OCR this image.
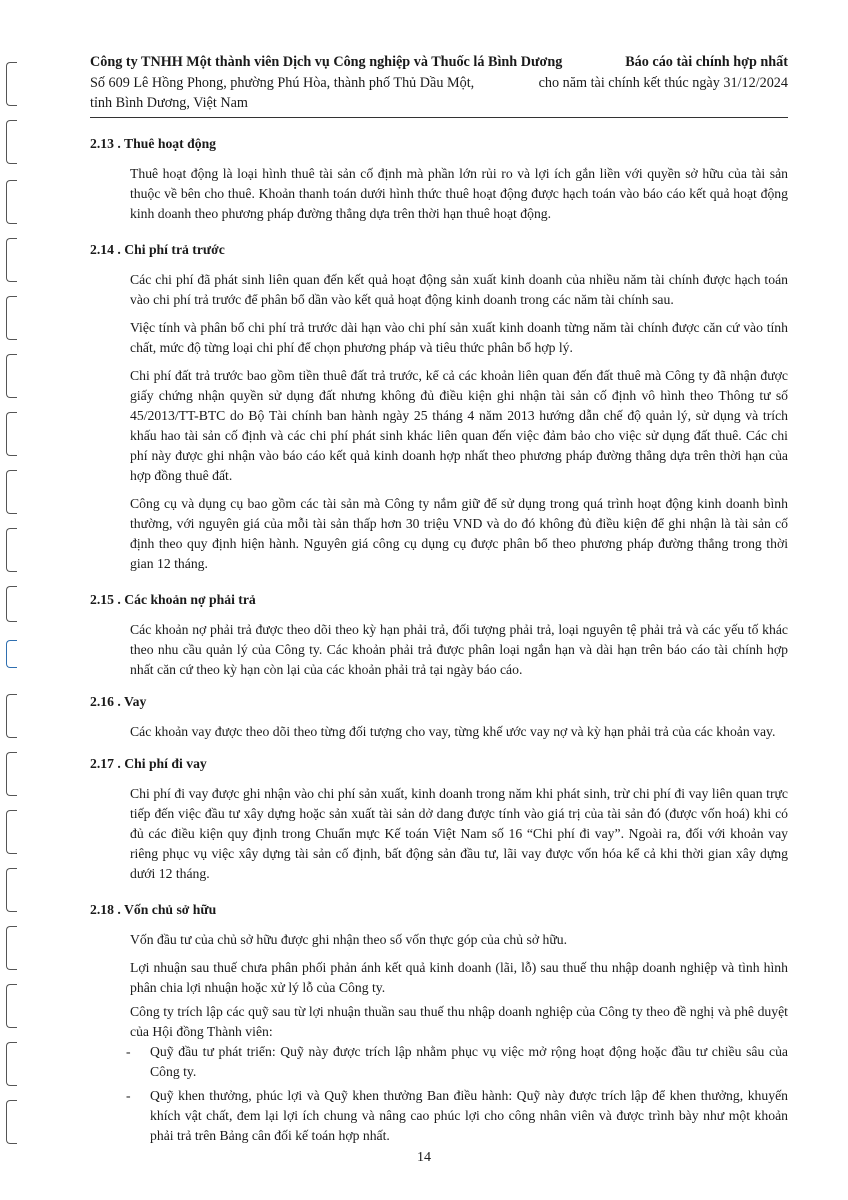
Công ty TNHH Một thành viên Dịch vụ Công nghiệp và Thuốc lá Bình Dương	Báo cáo tài chính hợp nhất
Số 609 Lê Hồng Phong, phường Phú Hòa, thành phố Thủ Dầu Một,	cho năm tài chính kết thúc ngày 31/12/2024
tỉnh Bình Dương, Việt Nam

2.13 . Thuê hoạt động

Thuê hoạt động là loại hình thuê tài sản cố định mà phần lớn rủi ro và lợi ích gắn liền với quyền sở hữu của tài sản thuộc về bên cho thuê. Khoản thanh toán dưới hình thức thuê hoạt động được hạch toán vào báo cáo kết quả hoạt động kinh doanh theo phương pháp đường thẳng dựa trên thời hạn thuê hoạt động.

2.14 . Chi phí trả trước

Các chi phí đã phát sinh liên quan đến kết quả hoạt động sản xuất kinh doanh của nhiều năm tài chính được hạch toán vào chi phí trả trước để phân bổ dần vào kết quả hoạt động kinh doanh trong các năm tài chính sau.

Việc tính và phân bổ chi phí trả trước dài hạn vào chi phí sản xuất kinh doanh từng năm tài chính được căn cứ vào tính chất, mức độ từng loại chi phí để chọn phương pháp và tiêu thức phân bổ hợp lý.

Chi phí đất trả trước bao gồm tiền thuê đất trả trước, kể cả các khoản liên quan đến đất thuê mà Công ty đã nhận được giấy chứng nhận quyền sử dụng đất nhưng không đủ điều kiện ghi nhận tài sản cố định vô hình theo Thông tư số 45/2013/TT-BTC do Bộ Tài chính ban hành ngày 25 tháng 4 năm 2013 hướng dẫn chế độ quản lý, sử dụng và trích khấu hao tài sản cố định và các chi phí phát sinh khác liên quan đến việc đảm bảo cho việc sử dụng đất thuê. Các chi phí này được ghi nhận vào báo cáo kết quả kinh doanh hợp nhất theo phương pháp đường thẳng dựa trên thời hạn của hợp đồng thuê đất.

Công cụ và dụng cụ bao gồm các tài sản mà Công ty nắm giữ để sử dụng trong quá trình hoạt động kinh doanh bình thường, với nguyên giá của mỗi tài sản thấp hơn 30 triệu VND và do đó không đủ điều kiện để ghi nhận là tài sản cố định theo quy định hiện hành. Nguyên giá công cụ dụng cụ được phân bổ theo phương pháp đường thẳng trong thời gian 12 tháng.

2.15 . Các khoản nợ phải trả

Các khoản nợ phải trả được theo dõi theo kỳ hạn phải trả, đối tượng phải trả, loại nguyên tệ phải trả và các yếu tố khác theo nhu cầu quản lý của Công ty. Các khoản phải trả được phân loại ngắn hạn và dài hạn trên báo cáo tài chính hợp nhất căn cứ theo kỳ hạn còn lại của các khoản phải trả tại ngày báo cáo.

2.16 . Vay

Các khoản vay được theo dõi theo từng đối tượng cho vay, từng khế ước vay nợ và kỳ hạn phải trả của các khoản vay.

2.17 . Chi phí đi vay

Chi phí đi vay được ghi nhận vào chi phí sản xuất, kinh doanh trong năm khi phát sinh, trừ chi phí đi vay liên quan trực tiếp đến việc đầu tư xây dựng hoặc sản xuất tài sản dở dang được tính vào giá trị của tài sản đó (được vốn hoá) khi có đủ các điều kiện quy định trong Chuẩn mực Kế toán Việt Nam số 16 “Chi phí đi vay”. Ngoài ra, đối với khoản vay riêng phục vụ việc xây dựng tài sản cố định, bất động sản đầu tư, lãi vay được vốn hóa kể cả khi thời gian xây dựng dưới 12 tháng.

2.18 . Vốn chủ sở hữu

Vốn đầu tư của chủ sở hữu được ghi nhận theo số vốn thực góp của chủ sở hữu.

Lợi nhuận sau thuế chưa phân phối phản ánh kết quả kinh doanh (lãi, lỗ) sau thuế thu nhập doanh nghiệp và tình hình phân chia lợi nhuận hoặc xử lý lỗ của Công ty.

Công ty trích lập các quỹ sau từ lợi nhuận thuần sau thuế thu nhập doanh nghiệp của Công ty theo đề nghị và phê duyệt của Hội đồng Thành viên:

- Quỹ đầu tư phát triển: Quỹ này được trích lập nhằm phục vụ việc mở rộng hoạt động hoặc đầu tư chiều sâu của Công ty.
- Quỹ khen thưởng, phúc lợi và Quỹ khen thưởng Ban điều hành: Quỹ này được trích lập để khen thưởng, khuyến khích vật chất, đem lại lợi ích chung và nâng cao phúc lợi cho công nhân viên và được trình bày như một khoản phải trả trên Bảng cân đối kế toán hợp nhất.
14
